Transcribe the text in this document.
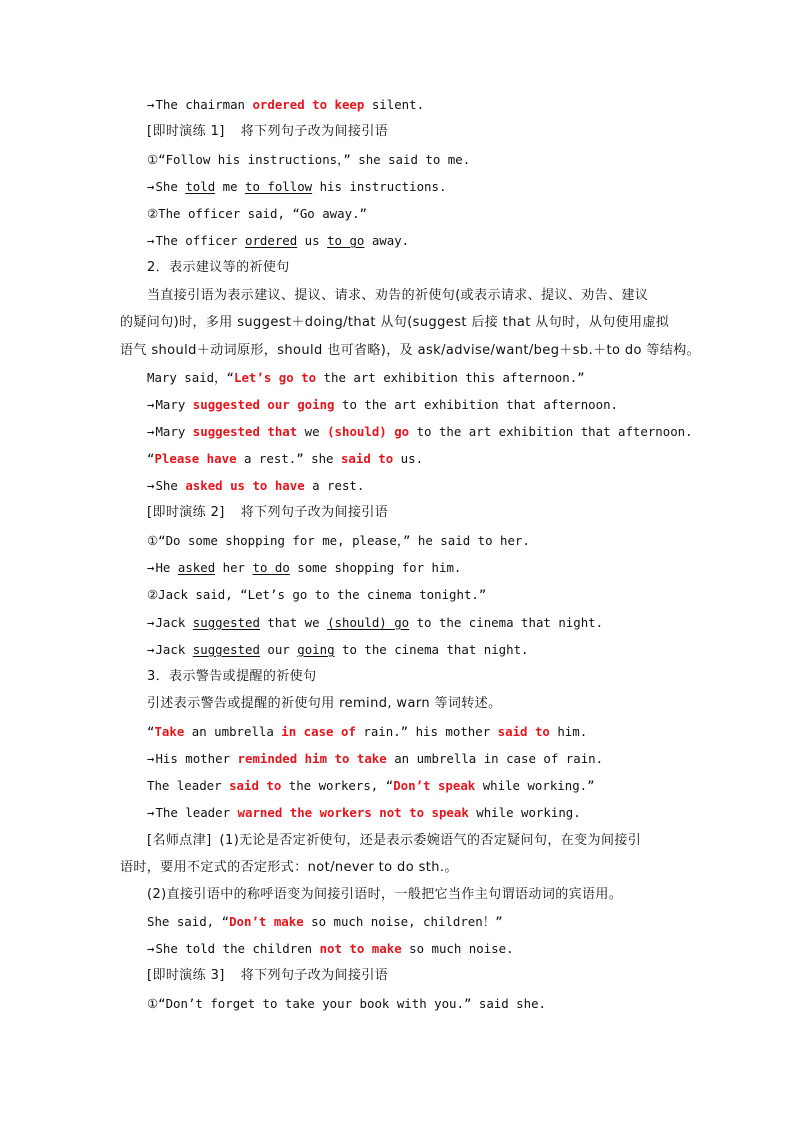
→The chairman ordered to keep silent.
[即时演练 1] 将下列句子改为间接引语
①“Follow his instructions，” she said to me.
→She told me to follow his instructions.
②The officer said, “Go away.”
→The officer ordered us to go away.
2．表示建议等的祈使句
当直接引语为表示建议、提议、请求、劝告的祈使句(或表示请求、提议、劝告、建议
的疑问句)时，多用 suggest＋doing/that 从句(suggest 后接 that 从句时，从句使用虚拟
语气 should＋动词原形，should 也可省略)，及 ask/advise/want/beg＋sb.＋to do 等结构。
Mary said，“Let’s go to the art exhibition this afternoon.”
→Mary suggested our going to the art exhibition that afternoon.
→Mary suggested that we (should) go to the art exhibition that afternoon.
“Please have a rest.” she said to us.
→She asked us to have a rest.
[即时演练 2] 将下列句子改为间接引语
①“Do some shopping for me, please，” he said to her.
→He asked her to do some shopping for him.
②Jack said, “Let’s go to the cinema tonight.”
→Jack suggested that we (should) go to the cinema that night.
→Jack suggested our going to the cinema that night.
3．表示警告或提醒的祈使句
引述表示警告或提醒的祈使句用 remind, warn 等词转述。
“Take an umbrella in case of rain.” his mother said to him.
→His mother reminded him to take an umbrella in case of rain.
The leader said to the workers, “Don’t speak while working.”
→The leader warned the workers not to speak while working.
[名师点津] (1)无论是否定祈使句，还是表示委婉语气的否定疑问句，在变为间接引
语时，要用不定式的否定形式：not/never to do sth.。
(2)直接引语中的称呼语变为间接引语时，一般把它当作主句谓语动词的宾语用。
She said, “Don’t make so much noise, children！”
→She told the children not to make so much noise.
[即时演练 3] 将下列句子改为间接引语
①“Don’t forget to take your book with you.” said she.
